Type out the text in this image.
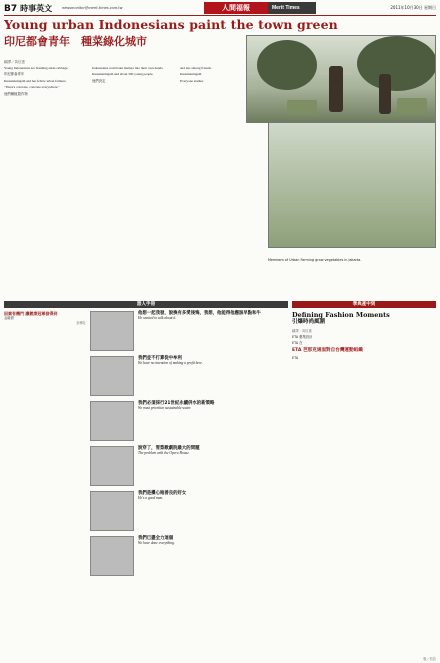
B7 時事英文	newsmonitor@merit-times.com.tw	人間福報	Merit Times	2011年10月30日 星期日
Young urban Indonesians paint the town green
印尼都會青年　種菜綠化城市
翻譯／黃信惠

Young Indonesians are brushing aside cabbage.

印尼都會青年

Kusumaningsih and her fellow urban farmers.

"There's concrete, concrete everywhere."

他們種植農作物

Indonesians could take matters into their own hands.

Kusumaningsih and about 300 young people.

他們決定

and ties among friends.

Kusumaningsih

Everyone studies

Members of Urban Farming grow vegetables in Jakarta.
語人手冊	學典產中到
因廁有機門 讓鍍康冠軍發得到
金融面
彭博社
他想一起我發，說換有多愛後悔，我想，他能得他應該早點和牛
He wanted to talk about it.
我們並不打算從中牟利
We have no intention of making a profit here.
我們必須採行21世紀永續併水的新策略
We must prioritize sustainable water.
說穿了，雪梨歌劇院最大的問題
The problem with the Opera House.
我們是擾心她善良的好女
He's a good man.
我們已盡全力這個
We have done everything.
Defining Fashion Moments
引爆時尚風潮
翻譯／黃信惠

ETA 邀集設計

ETA 在

ETA 芭那克通面對自台灣運動組織

ETA

版／信息
